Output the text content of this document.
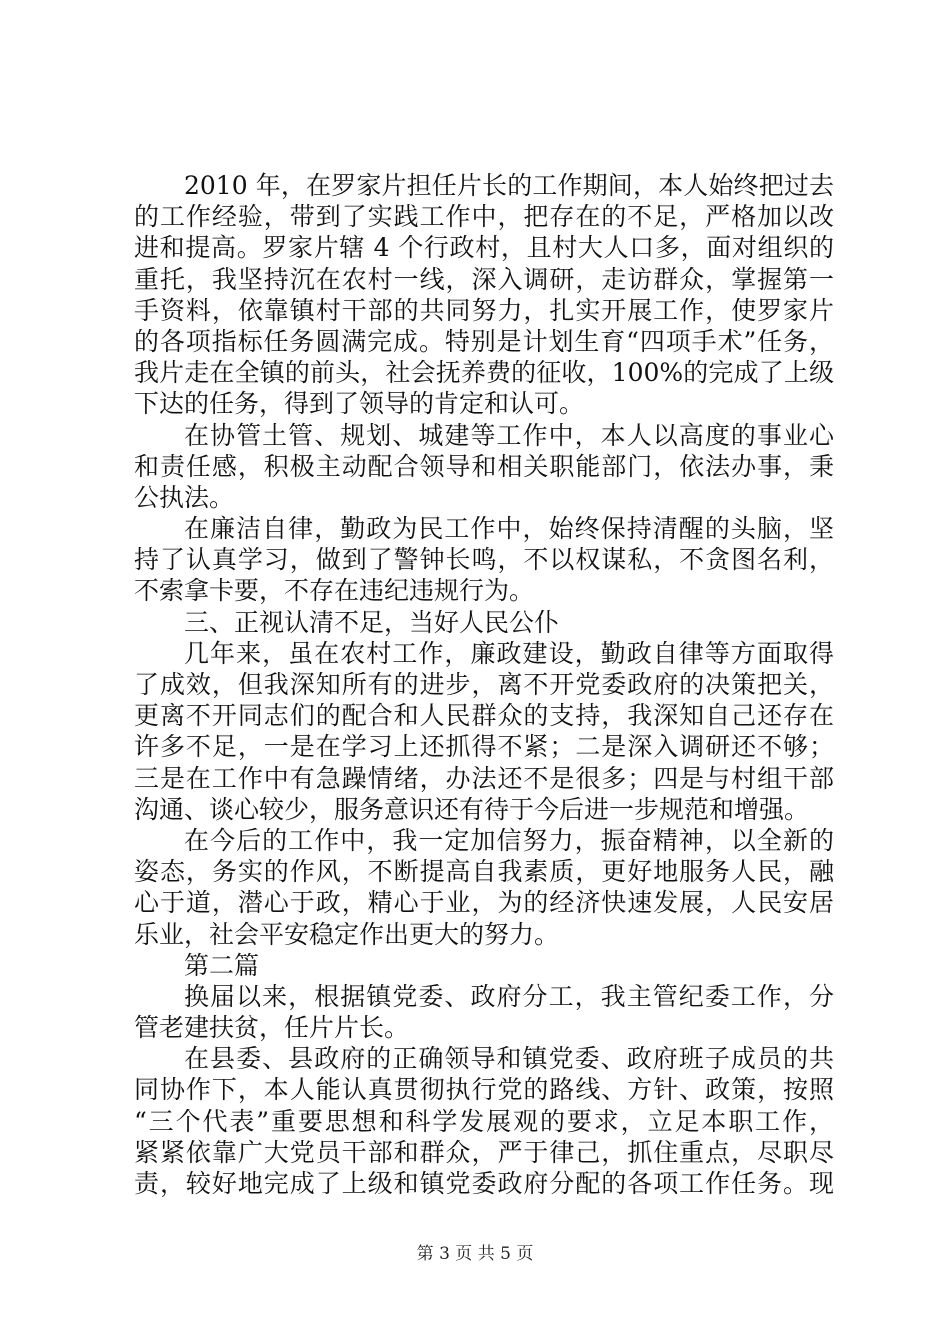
2010 年，在罗家片担任片长的工作期间，本人始终把过去
的工作经验，带到了实践工作中，把存在的不足，严格加以改
进和提高。罗家片辖 4 个行政村，且村大人口多，面对组织的
重托，我坚持沉在农村一线，深入调研，走访群众，掌握第一
手资料，依靠镇村干部的共同努力，扎实开展工作，使罗家片
的各项指标任务圆满完成。特别是计划生育“四项手术”任务，
我片走在全镇的前头，社会抚养费的征收，100%的完成了上级
下达的任务，得到了领导的肯定和认可。
在协管土管、规划、城建等工作中，本人以高度的事业心
和责任感，积极主动配合领导和相关职能部门，依法办事，秉
公执法。
在廉洁自律，勤政为民工作中，始终保持清醒的头脑，坚
持了认真学习，做到了警钟长鸣，不以权谋私，不贪图名利，
不索拿卡要，不存在违纪违规行为。
三、正视认清不足，当好人民公仆
几年来，虽在农村工作，廉政建设，勤政自律等方面取得
了成效，但我深知所有的进步，离不开党委政府的决策把关，
更离不开同志们的配合和人民群众的支持，我深知自己还存在
许多不足，一是在学习上还抓得不紧；二是深入调研还不够；
三是在工作中有急躁情绪，办法还不是很多；四是与村组干部
沟通、谈心较少，服务意识还有待于今后进一步规范和增强。
在今后的工作中，我一定加信努力，振奋精神，以全新的
姿态，务实的作风，不断提高自我素质，更好地服务人民，融
心于道，潜心于政，精心于业，为的经济快速发展，人民安居
乐业，社会平安稳定作出更大的努力。
第二篇
换届以来，根据镇党委、政府分工，我主管纪委工作，分
管老建扶贫，任片片长。
在县委、县政府的正确领导和镇党委、政府班子成员的共
同协作下，本人能认真贯彻执行党的路线、方针、政策，按照
“三个代表”重要思想和科学发展观的要求，立足本职工作，
紧紧依靠广大党员干部和群众，严于律己，抓住重点，尽职尽
责，较好地完成了上级和镇党委政府分配的各项工作任务。现
第 3 页 共 5 页
